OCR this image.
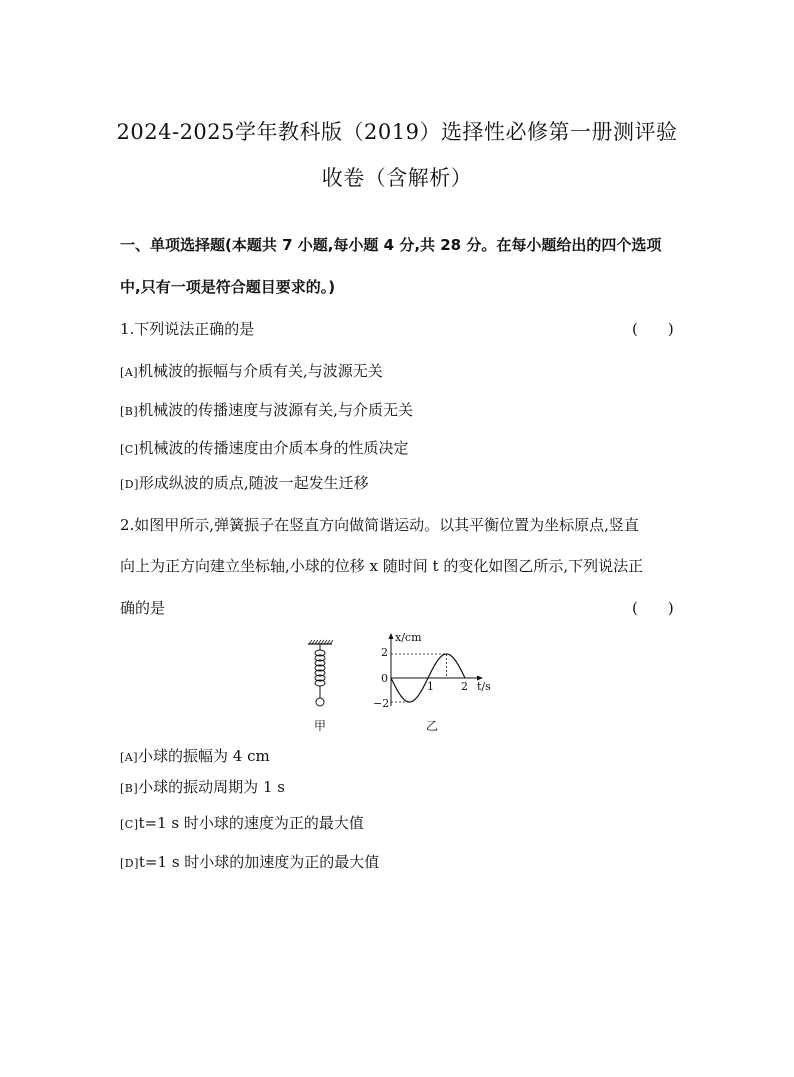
2024-2025学年教科版（2019）选择性必修第一册测评验
收卷（含解析）
一、单项选择题(本题共 7 小题,每小题 4 分,共 28 分。在每小题给出的四个选项
中,只有一项是符合题目要求的。)
1.下列说法正确的是	(　　)
[A]机械波的振幅与介质有关,与波源无关
[B]机械波的传播速度与波源有关,与介质无关
[C]机械波的传播速度由介质本身的性质决定
[D]形成纵波的质点,随波一起发生迁移
2.如图甲所示,弹簧振子在竖直方向做简谐运动。以其平衡位置为坐标原点,竖直
向上为正方向建立坐标轴,小球的位移 x 随时间 t 的变化如图乙所示,下列说法正
确的是	(　　)
甲
x/cm
t/s
2
0
−2
1 2
乙
[A]小球的振幅为 4 cm
[B]小球的振动周期为 1 s
[C]t=1 s 时小球的速度为正的最大值
[D]t=1 s 时小球的加速度为正的最大值
